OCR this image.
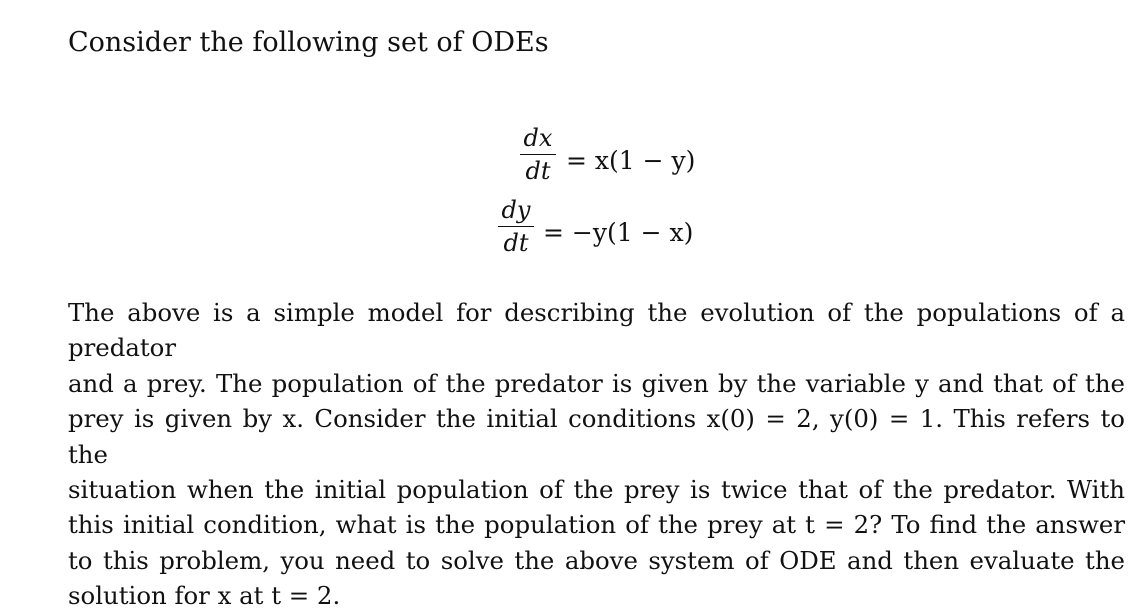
Consider the following set of ODEs
dx
dt = x(1 − y)
dy
dt = −y(1 − x)
The above is a simple model for describing the evolution of the populations of a predator
and a prey. The population of the predator is given by the variable y and that of the
prey is given by x. Consider the initial conditions x(0) = 2, y(0) = 1. This refers to the
situation when the initial population of the prey is twice that of the predator. With
this initial condition, what is the population of the prey at t = 2? To find the answer
to this problem, you need to solve the above system of ODE and then evaluate the
solution for x at t = 2.
